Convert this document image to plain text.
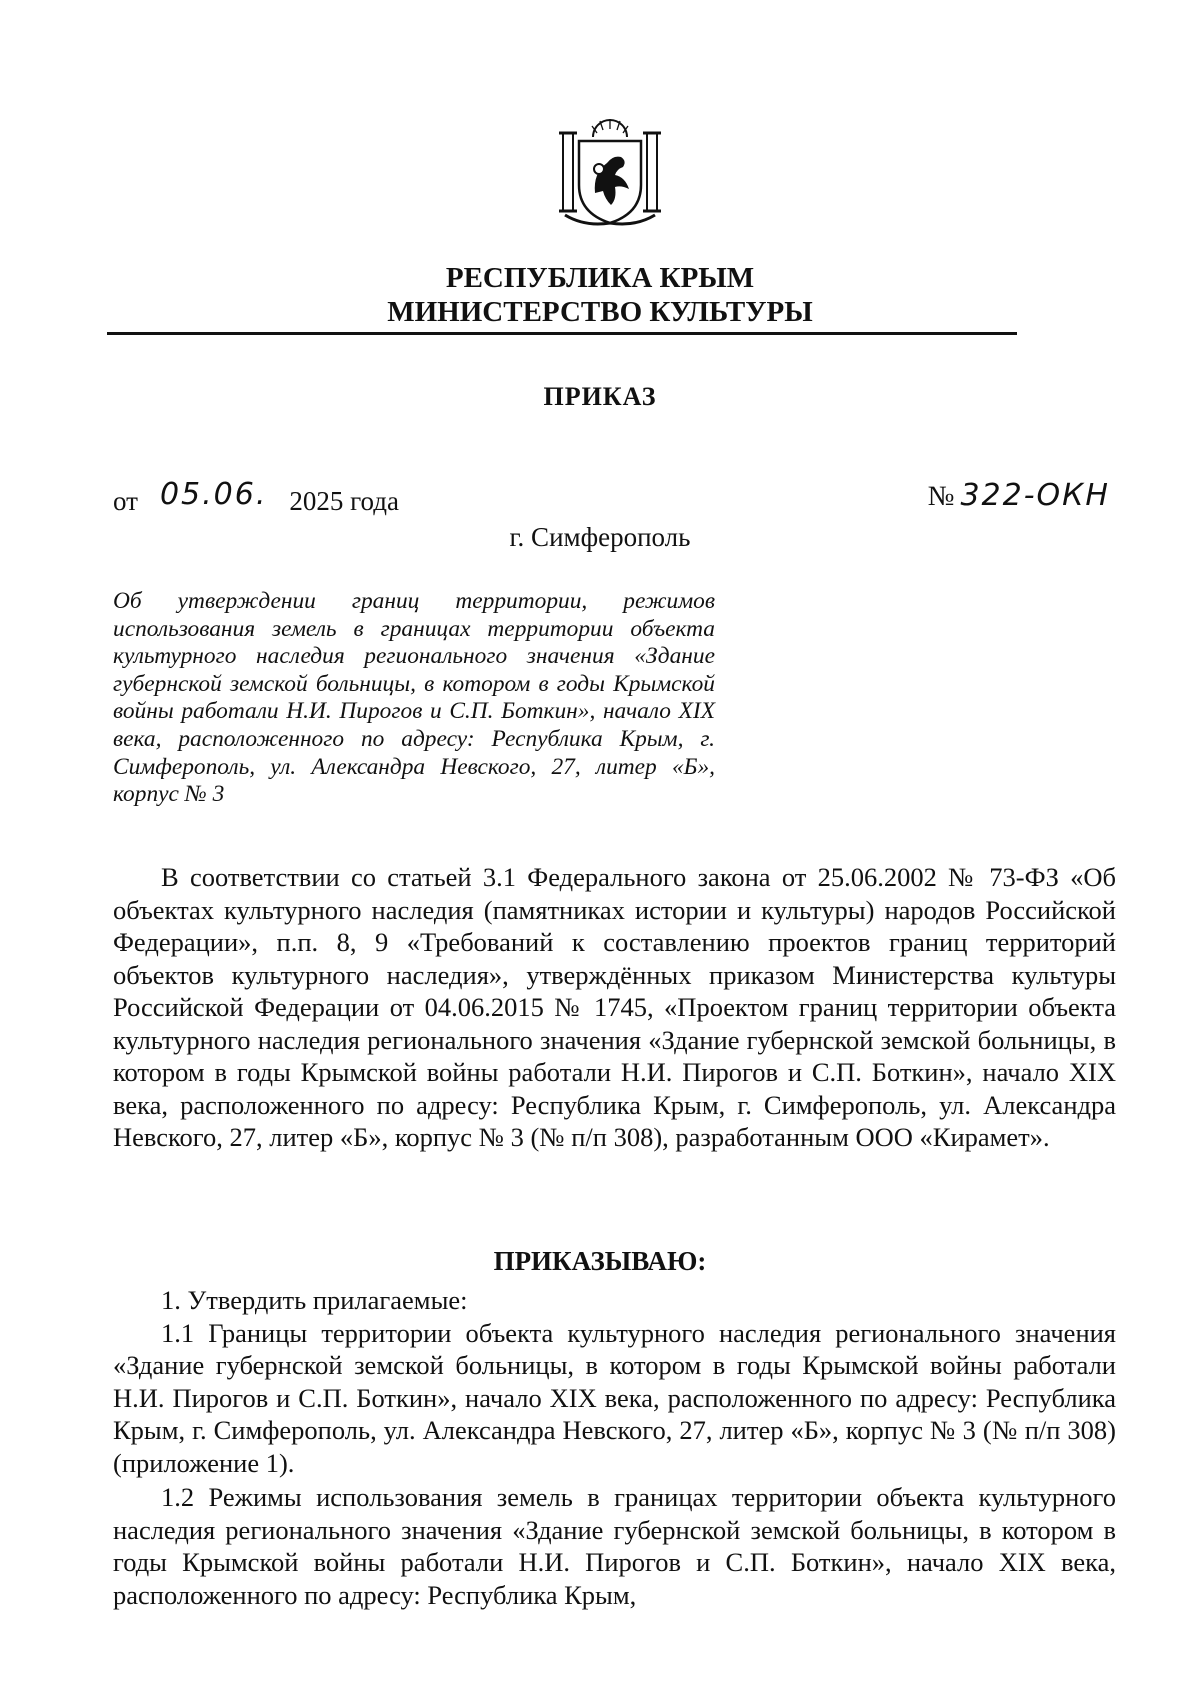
РЕСПУБЛИКА КРЫМ
МИНИСТЕРСТВО КУЛЬТУРЫ
ПРИКАЗ
от 05.06. 2025 года	№ 322-ОКН
г. Симферополь
Об утверждении границ территории, режимов использования земель в границах территории объекта культурного наследия регионального значения «Здание губернской земской больницы, в котором в годы Крымской войны работали Н.И. Пирогов и С.П. Боткин», начало XIX века, расположенного по адресу: Республика Крым, г. Симферополь, ул. Александра Невского, 27, литер «Б», корпус № 3

В соответствии со статьей 3.1 Федерального закона от 25.06.2002 № 73-ФЗ «Об объектах культурного наследия (памятниках истории и культуры) народов Российской Федерации», п.п. 8, 9 «Требований к составлению проектов границ территорий объектов культурного наследия», утверждённых приказом Министерства культуры Российской Федерации от 04.06.2015 № 1745, «Проектом границ территории объекта культурного наследия регионального значения «Здание губернской земской больницы, в котором в годы Крымской войны работали Н.И. Пирогов и С.П. Боткин», начало XIX века, расположенного по адресу: Республика Крым, г. Симферополь, ул. Александра Невского, 27, литер «Б», корпус № 3 (№ п/п 308), разработанным ООО «Кирамет».

ПРИКАЗЫВАЮ:

1. Утвердить прилагаемые:

1.1 Границы территории объекта культурного наследия регионального значения «Здание губернской земской больницы, в котором в годы Крымской войны работали Н.И. Пирогов и С.П. Боткин», начало XIX века, расположенного по адресу: Республика Крым, г. Симферополь, ул. Александра Невского, 27, литер «Б», корпус № 3 (№ п/п 308) (приложение 1).

1.2 Режимы использования земель в границах территории объекта культурного наследия регионального значения «Здание губернской земской больницы, в котором в годы Крымской войны работали Н.И. Пирогов и С.П. Боткин», начало XIX века, расположенного по адресу: Республика Крым,
